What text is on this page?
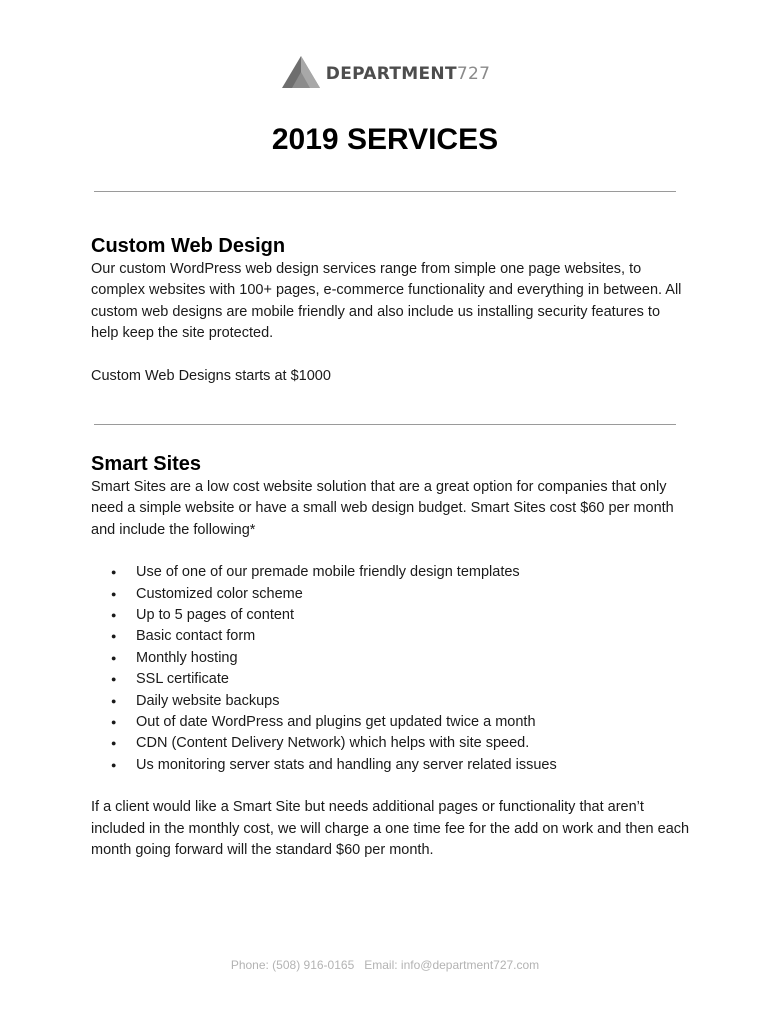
DEPARTMENT727
2019 SERVICES
Custom Web Design

Our custom WordPress web design services range from simple one page websites, to complex websites with 100+ pages, e-commerce functionality and everything in between. All custom web designs are mobile friendly and also include us installing security features to help keep the site protected.

Custom Web Designs starts at $1000

Smart Sites

Smart Sites are a low cost website solution that are a great option for companies that only need a simple website or have a small web design budget. Smart Sites cost $60 per month and include the following*

● Use of one of our premade mobile friendly design templates
● Customized color scheme
● Up to 5 pages of content
● Basic contact form
● Monthly hosting
● SSL certificate
● Daily website backups
● Out of date WordPress and plugins get updated twice a month
● CDN (Content Delivery Network) which helps with site speed.
● Us monitoring server stats and handling any server related issues

If a client would like a Smart Site but needs additional pages or functionality that aren’t included in the monthly cost, we will charge a one time fee for the add on work and then each month going forward will the standard $60 per month.

Phone: (508) 916-0165 Email: info@department727.com
